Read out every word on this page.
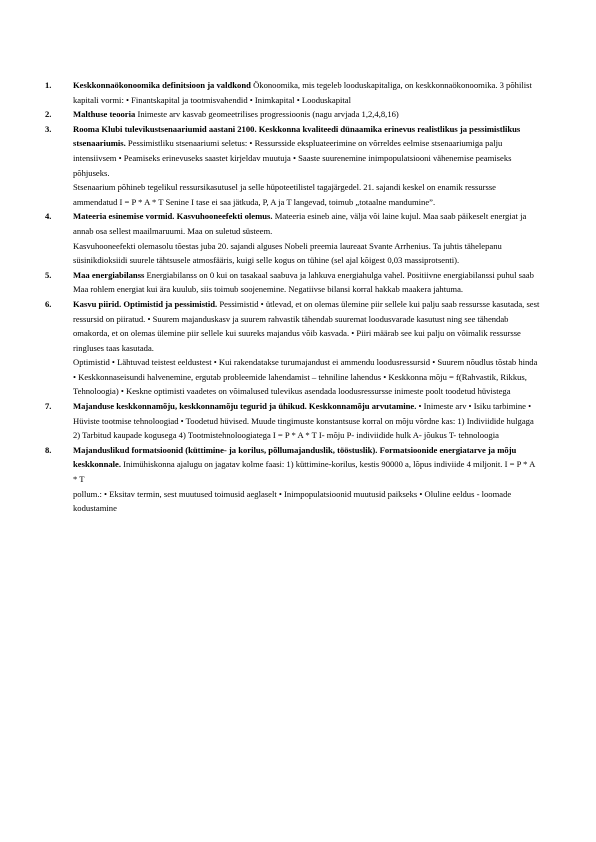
1.	Keskkonnaökonoomika definitsioon ja valdkond Ökonoomika, mis tegeleb looduskapitaliga, on keskkonnaökonoomika. 3 põhilist kapitali vormi: • Finantskapital ja tootmisvahendid • Inimkapital • Looduskapital
2.	Malthuse teooria Inimeste arv kasvab geomeetrilises progressioonis (nagu arvjada 1,2,4,8,16)
3.	Rooma Klubi tulevikustsenaariumid aastani 2100. Keskkonna kvaliteedi dünaamika erinevus realistlikus ja pessimistlikus stsenaariumis. Pessimistliku stsenaariumi seletus: • Ressursside ekspluateerimine on võrreldes eelmise stsenaariumiga palju intensiivsem • Peamiseks erinevuseks saastet kirjeldav muutuja • Saaste suurenemine inimpopulatsiooni vähenemise peamiseks põhjuseks.
Stsenaarium põhineb tegelikul ressursikasutusel ja selle hüpoteetilistel tagajärgedel. 21. sajandi keskel on enamik ressursse ammendatud I = P * A * T Senine I tase ei saa jätkuda, P, A ja T langevad, toimub „totaalne mandumine”.
4.	Mateeria esinemise vormid. Kasvuhooneefekti olemus. Mateeria esineb aine, välja või laine kujul. Maa saab päikeselt energiat ja annab osa sellest maailmaruumi. Maa on suletud süsteem.
Kasvuhooneefekti olemasolu tõestas juba 20. sajandi alguses Nobeli preemia laureaat Svante Arrhenius. Ta juhtis tähelepanu süsinikdioksiidi suurele tähtsusele atmosfääris, kuigi selle kogus on tühine (sel ajal kõigest 0,03 massiprotsenti).
5.	Maa energiabilanss Energiabilanss on 0 kui on tasakaal saabuva ja lahkuva energiahulga vahel. Positiivne energiabilanssi puhul saab Maa rohlem energiat kui ära kuulub, siis toimub soojenemine. Negatiivse bilansi korral hakkab maakera jahtuma.
6.	Kasvu piirid. Optimistid ja pessimistid. Pessimistid • ütlevad, et on olemas ülemine piir sellele kui palju saab ressursse kasutada, sest ressursid on piiratud. • Suurem majanduskasv ja suurem rahvastik tähendab suuremat loodusvarade kasutust ning see tähendab omakorda, et on olemas ülemine piir sellele kui suureks majandus võib kasvada. • Piiri määrab see kui palju on võimalik ressursse ringluses taas kasutada.
Optimistid • Lähtuvad teistest eeldustest • Kui rakendatakse turumajandust ei ammendu loodusressursid • Suurem nõudlus tõstab hinda • Keskkonnaseisundi halvenemine, ergutab probleemide lahendamist – tehniline lahendus • Keskkonna mõju = f(Rahvastik, Rikkus, Tehnoloogia) • Keskne optimisti vaadetes on võimalused tulevikus asendada loodusressursse inimeste poolt toodetud hüvistega
7.	Majanduse keskkonnamõju, keskkonnamõju tegurid ja ühikud. Keskkonnamõju arvutamine. • Inimeste arv • Isiku tarbimine • Hüviste tootmise tehnoloogiad • Toodetud hüvised. Muude tingimuste konstantsuse korral on mõju võrdne kas: 1) Indiviidide hulgaga 2) Tarbitud kaupade kogusega 4) Tootmistehnoloogiatega I = P * A * T I- mõju P- indiviidide hulk A- jõukus T- tehnoloogia
8.	Majanduslikud formatsioonid (küttimine- ja korilus, põllumajanduslik, tööstuslik). Formatsioonide energiatarve ja mõju keskkonnale. Inimühiskonna ajalugu on jagatav kolme faasi: 1) küttimine-korilus, kestis 90000 a, lõpus indiviide 4 miljonit. I = P * A * T
pollum.: • Eksitav termin, sest muutused toimusid aeglaselt • Inimpopulatsioonid muutusid paikseks • Oluline eeldus - loomade kodustamine
